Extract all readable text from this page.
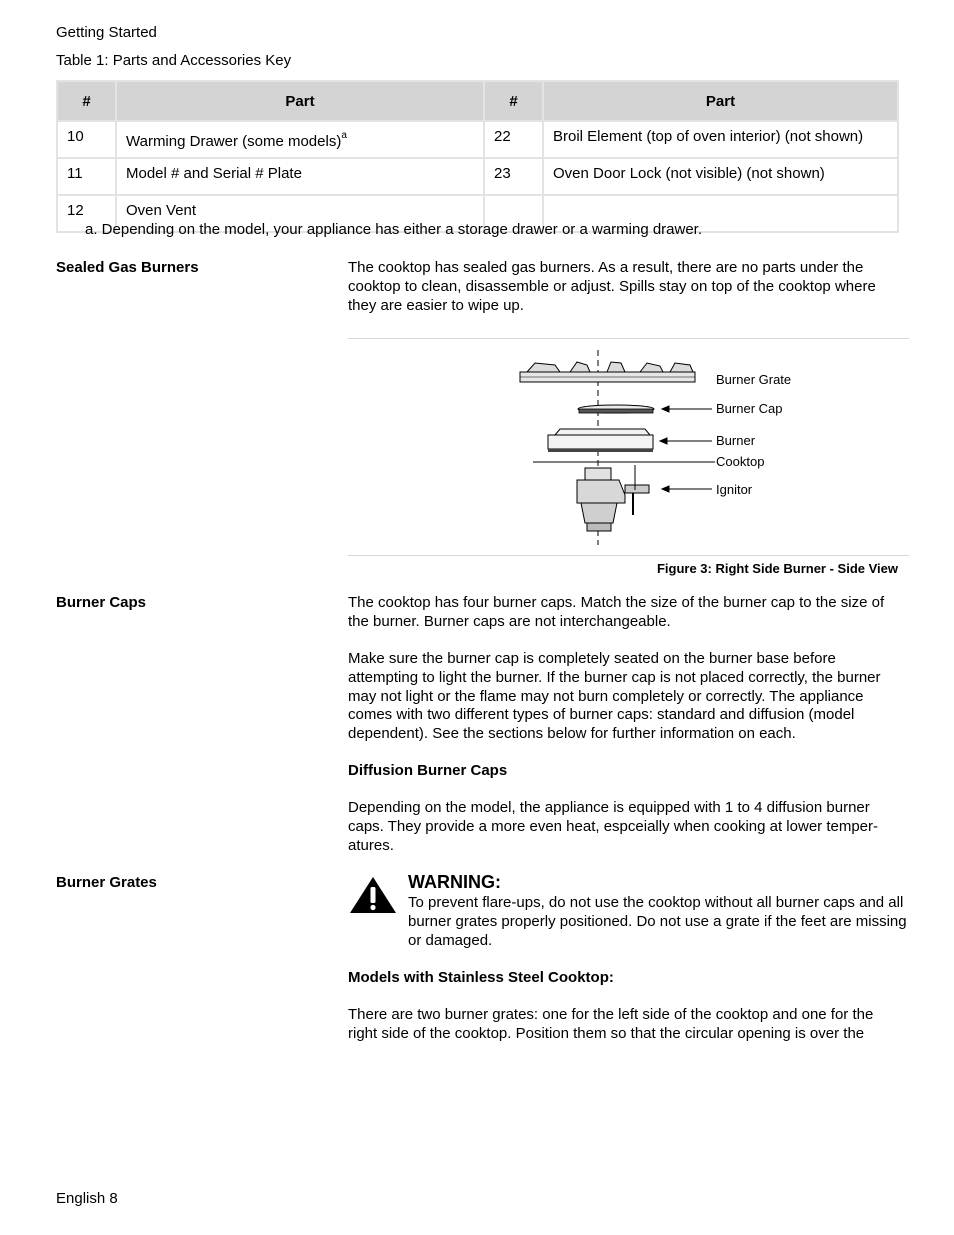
Getting Started
Table 1: Parts and Accessories Key
#	Part	#	Part
10	Warming Drawer (some models)$^a$	22	Broil Element (top of oven interior) (not shown)
11	Model # and Serial # Plate	23	Oven Door Lock (not visible) (not shown)
12	Oven Vent		
a. Depending on the model, your appliance has either a storage drawer or a warming drawer.
Sealed Gas Burners	The cooktop has sealed gas burners. As a result, there are no parts under the cooktop to clean, disassemble or adjust. Spills stay on top of the cooktop where they are easier to wipe up.
Burner Grate
Burner Cap
Burner
Cooktop
Ignitor
Figure 3: Right Side Burner - Side View
Burner Caps	The cooktop has four burner caps. Match the size of the burner cap to the size of the burner. Burner caps are not interchangeable.
Make sure the burner cap is completely seated on the burner base before attempting to light the burner. If the burner cap is not placed correctly, the burner may not light or the flame may not burn completely or correctly. The appliance comes with two different types of burner caps: standard and diffusion (model dependent). See the sections below for further information on each.
Diffusion Burner Caps
Depending on the model, the appliance is equipped with 1 to 4 diffusion burner caps. They provide a more even heat, espceially when cooking at lower temper-atures.
Burner Grates	WARNING:
To prevent flare-ups, do not use the cooktop without all burner caps and all burner grates properly positioned. Do not use a grate if the feet are missing or damaged.
Models with Stainless Steel Cooktop:
There are two burner grates: one for the left side of the cooktop and one for the right side of the cooktop. Position them so that the circular opening is over the
English 8
